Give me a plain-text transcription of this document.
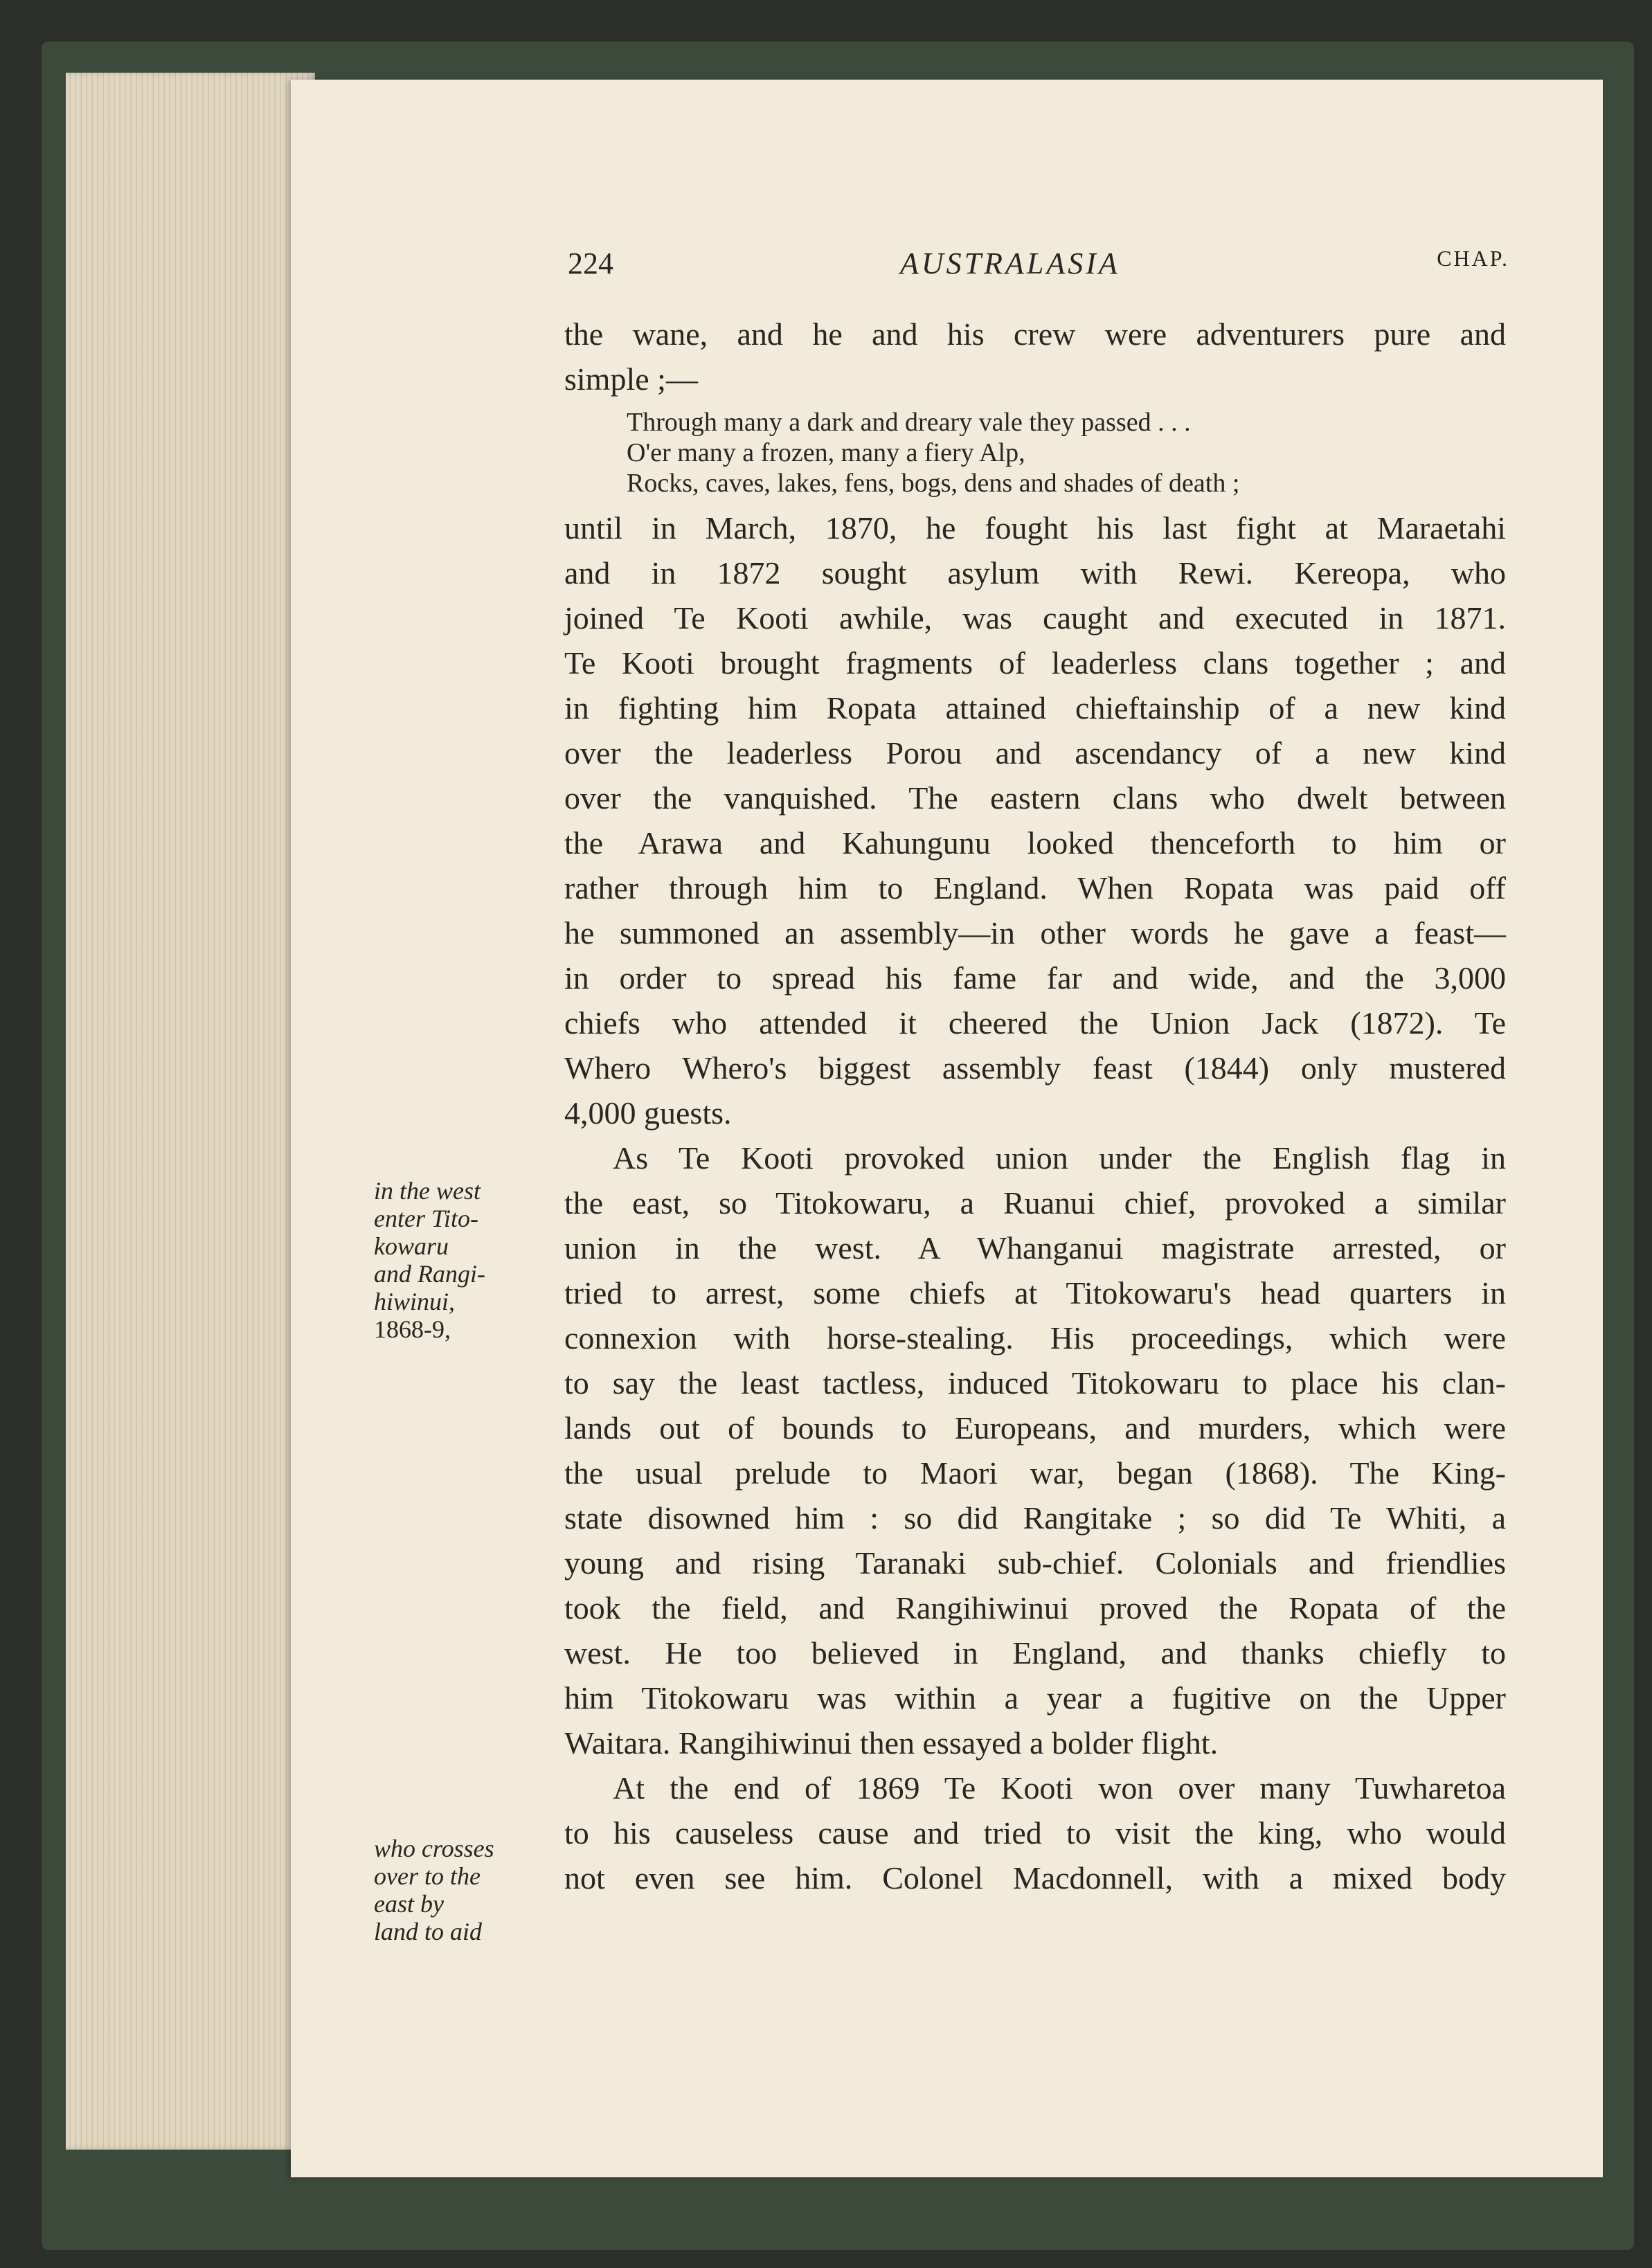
224	AUSTRALASIA	CHAP.
the wane, and he and his crew were adventurers pure and
simple ;—
Through many a dark and dreary vale they passed . . .
O'er many a frozen, many a fiery Alp,
Rocks, caves, lakes, fens, bogs, dens and shades of death ;
until in March, 1870, he fought his last fight at Maraetahi
and in 1872 sought asylum with Rewi. Kereopa, who
joined Te Kooti awhile, was caught and executed in 1871.
Te Kooti brought fragments of leaderless clans together ; and
in fighting him Ropata attained chieftainship of a new kind
over the leaderless Porou and ascendancy of a new kind
over the vanquished. The eastern clans who dwelt between
the Arawa and Kahungunu looked thenceforth to him or
rather through him to England. When Ropata was paid off
he summoned an assembly—in other words he gave a feast—
in order to spread his fame far and wide, and the 3,000
chiefs who attended it cheered the Union Jack (1872). Te
Whero Whero's biggest assembly feast (1844) only mustered
4,000 guests.
As Te Kooti provoked union under the English flag in
the east, so Titokowaru, a Ruanui chief, provoked a similar
union in the west. A Whanganui magistrate arrested, or
tried to arrest, some chiefs at Titokowaru's head quarters in
connexion with horse-stealing. His proceedings, which were
to say the least tactless, induced Titokowaru to place his clan-
lands out of bounds to Europeans, and murders, which were
the usual prelude to Maori war, began (1868). The King-
state disowned him : so did Rangitake ; so did Te Whiti, a
young and rising Taranaki sub-chief. Colonials and friendlies
took the field, and Rangihiwinui proved the Ropata of the
west. He too believed in England, and thanks chiefly to
him Titokowaru was within a year a fugitive on the Upper
Waitara. Rangihiwinui then essayed a bolder flight.
At the end of 1869 Te Kooti won over many Tuwharetoa
to his causeless cause and tried to visit the king, who would
not even see him. Colonel Macdonnell, with a mixed body
in the west
enter Tito-
kowaru
and Rangi-
hiwinui,
1868-9,
who crosses
over to the
east by
land to aid
